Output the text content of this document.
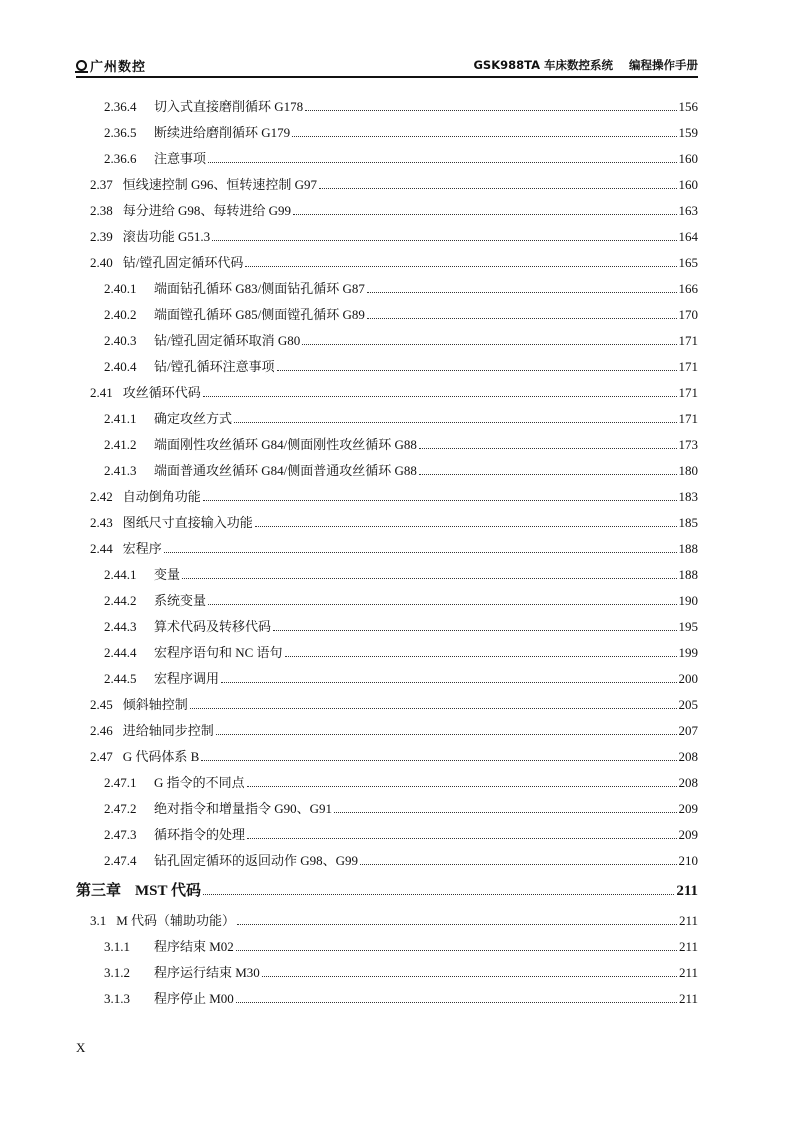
广州数控	GSK988TA 车床数控系统 编程操作手册
2.36.4	切入式直接磨削循环 G178	156
2.36.5	断续进给磨削循环 G179	159
2.36.6	注意事项	160
2.37 恒线速控制 G96、恒转速控制 G97	160
2.38 每分进给 G98、每转进给 G99	163
2.39 滚齿功能 G51.3	164
2.40 钻/镗孔固定循环代码	165
2.40.1	端面钻孔循环 G83/侧面钻孔循环 G87	166
2.40.2	端面镗孔循环 G85/侧面镗孔循环 G89	170
2.40.3	钻/镗孔固定循环取消 G80	171
2.40.4	钻/镗孔循环注意事项	171
2.41 攻丝循环代码	171
2.41.1	确定攻丝方式	171
2.41.2	端面刚性攻丝循环 G84/侧面刚性攻丝循环 G88	173
2.41.3	端面普通攻丝循环 G84/侧面普通攻丝循环 G88	180
2.42 自动倒角功能	183
2.43 图纸尺寸直接输入功能	185
2.44 宏程序	188
2.44.1	变量	188
2.44.2	系统变量	190
2.44.3	算术代码及转移代码	195
2.44.4	宏程序语句和 NC 语句	199
2.44.5	宏程序调用	200
2.45 倾斜轴控制	205
2.46 进给轴同步控制	207
2.47 G 代码体系 B	208
2.47.1	G 指令的不同点	208
2.47.2	绝对指令和增量指令 G90、G91	209
2.47.3	循环指令的处理	209
2.47.4	钻孔固定循环的返回动作 G98、G99	210
第三章 MST 代码	211
3.1 M 代码（辅助功能）	211
3.1.1	程序结束 M02	211
3.1.2	程序运行结束 M30	211
3.1.3	程序停止 M00	211
X
